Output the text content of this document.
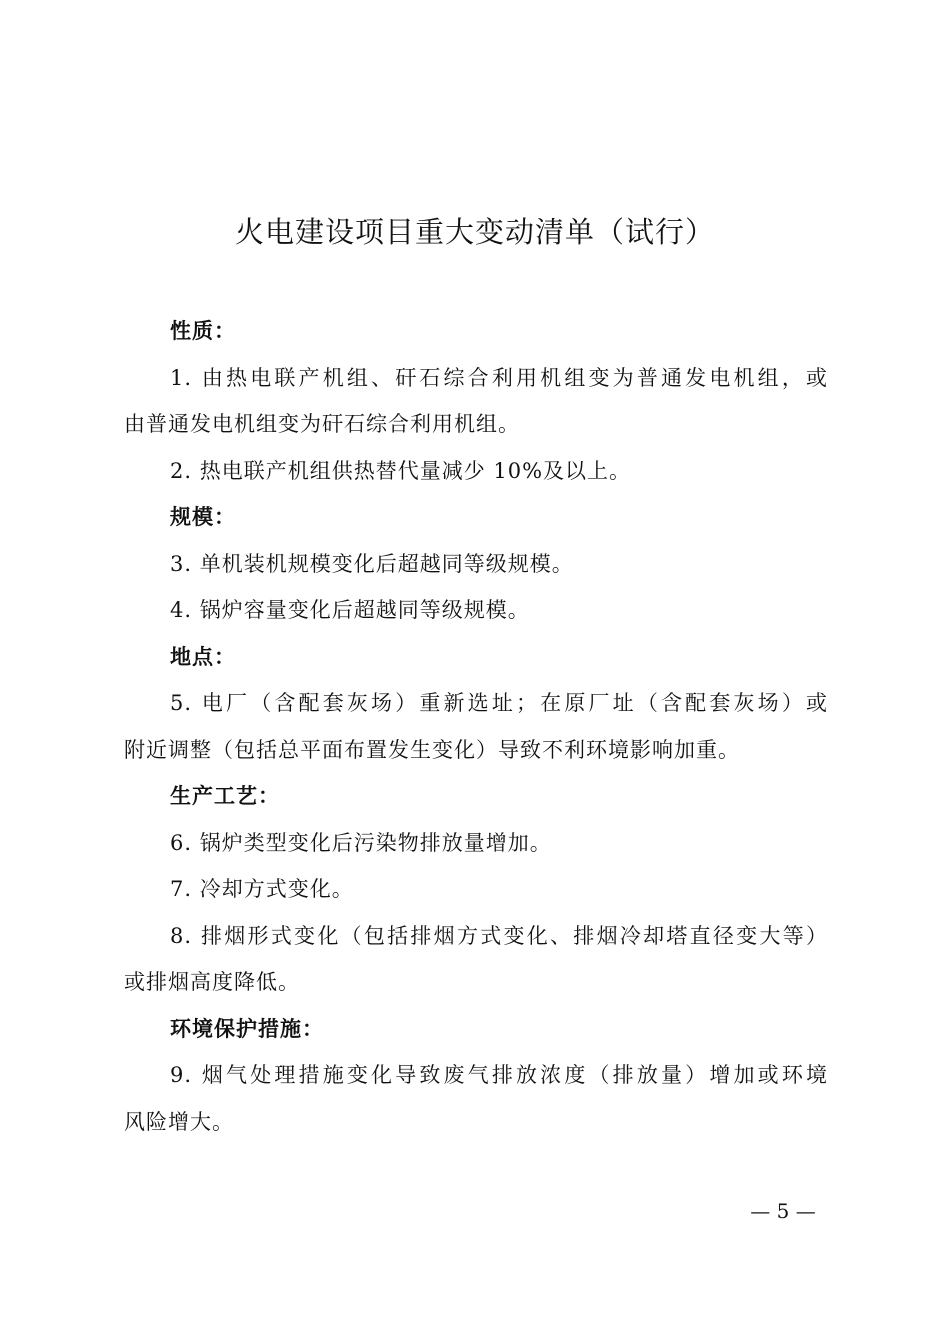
火电建设项目重大变动清单（试行）
性质：
1. 由热电联产机组、矸石综合利用机组变为普通发电机组，或
由普通发电机组变为矸石综合利用机组。
2. 热电联产机组供热替代量减少 10%及以上。
规模：
3. 单机装机规模变化后超越同等级规模。
4. 锅炉容量变化后超越同等级规模。
地点：
5. 电厂（含配套灰场）重新选址；在原厂址（含配套灰场）或
附近调整（包括总平面布置发生变化）导致不利环境影响加重。
生产工艺：
6. 锅炉类型变化后污染物排放量增加。
7. 冷却方式变化。
8. 排烟形式变化（包括排烟方式变化、排烟冷却塔直径变大等）
或排烟高度降低。
环境保护措施：
9. 烟气处理措施变化导致废气排放浓度（排放量）增加或环境
风险增大。
— 5 —
